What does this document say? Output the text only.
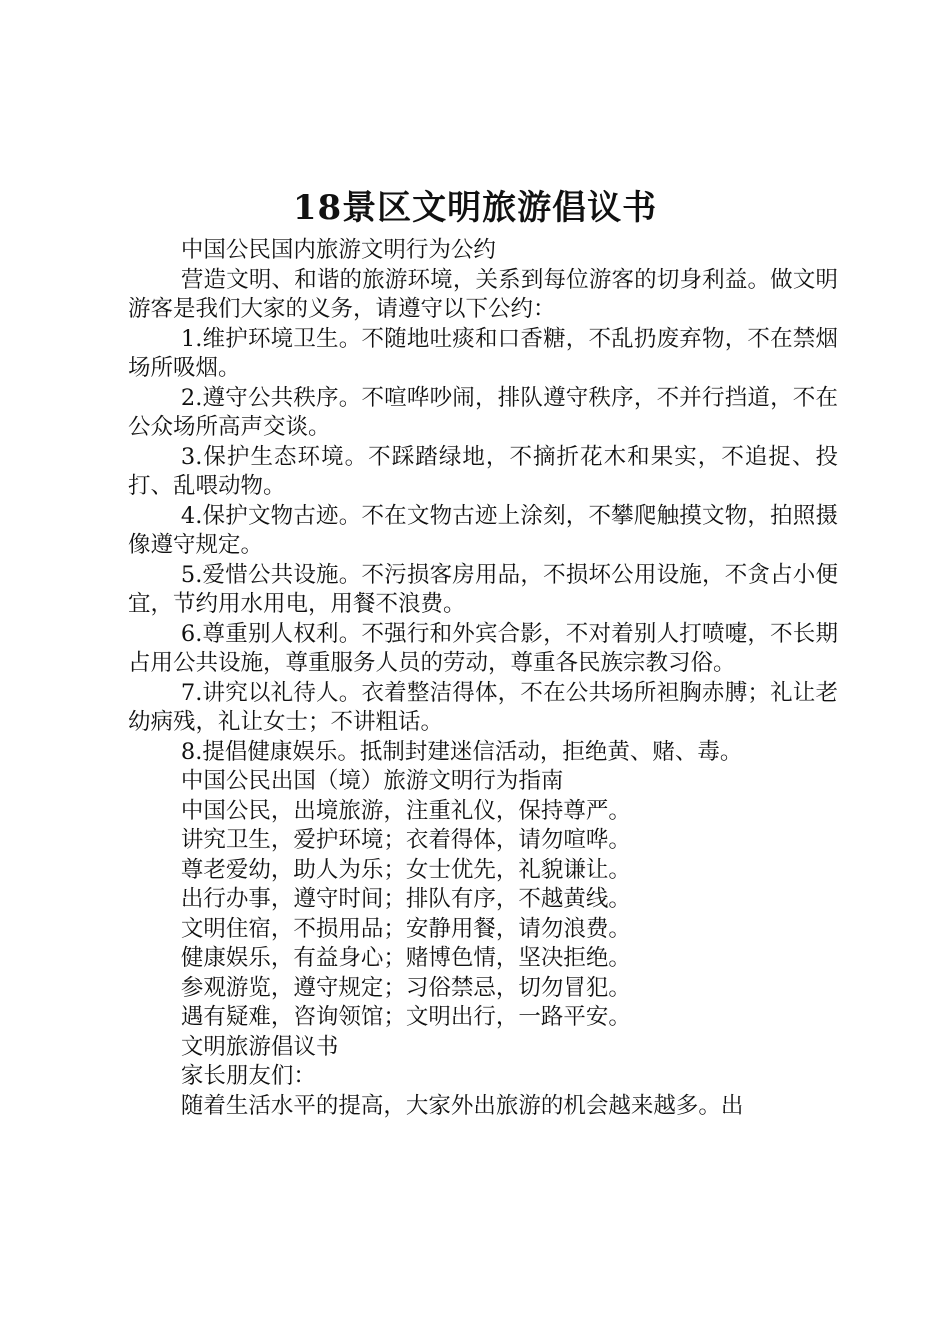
18景区文明旅游倡议书

中国公民国内旅游文明行为公约

营造文明、和谐的旅游环境，关系到每位游客的切身利益。做文明游客是我们大家的义务，请遵守以下公约：

1.维护环境卫生。不随地吐痰和口香糖，不乱扔废弃物，不在禁烟场所吸烟。

2.遵守公共秩序。不喧哗吵闹，排队遵守秩序，不并行挡道，不在公众场所高声交谈。

3.保护生态环境。不踩踏绿地，不摘折花木和果实，不追捉、投打、乱喂动物。

4.保护文物古迹。不在文物古迹上涂刻，不攀爬触摸文物，拍照摄像遵守规定。

5.爱惜公共设施。不污损客房用品，不损坏公用设施，不贪占小便宜，节约用水用电，用餐不浪费。

6.尊重别人权利。不强行和外宾合影，不对着别人打喷嚏，不长期占用公共设施，尊重服务人员的劳动，尊重各民族宗教习俗。

7.讲究以礼待人。衣着整洁得体，不在公共场所袒胸赤膊；礼让老幼病残，礼让女士；不讲粗话。

8.提倡健康娱乐。抵制封建迷信活动，拒绝黄、赌、毒。

中国公民出国（境）旅游文明行为指南

中国公民，出境旅游，注重礼仪，保持尊严。

讲究卫生，爱护环境；衣着得体，请勿喧哗。

尊老爱幼，助人为乐；女士优先，礼貌谦让。

出行办事，遵守时间；排队有序，不越黄线。

文明住宿，不损用品；安静用餐，请勿浪费。

健康娱乐，有益身心；赌博色情，坚决拒绝。

参观游览，遵守规定；习俗禁忌，切勿冒犯。

遇有疑难，咨询领馆；文明出行，一路平安。

文明旅游倡议书

家长朋友们：

随着生活水平的提高，大家外出旅游的机会越来越多。出
